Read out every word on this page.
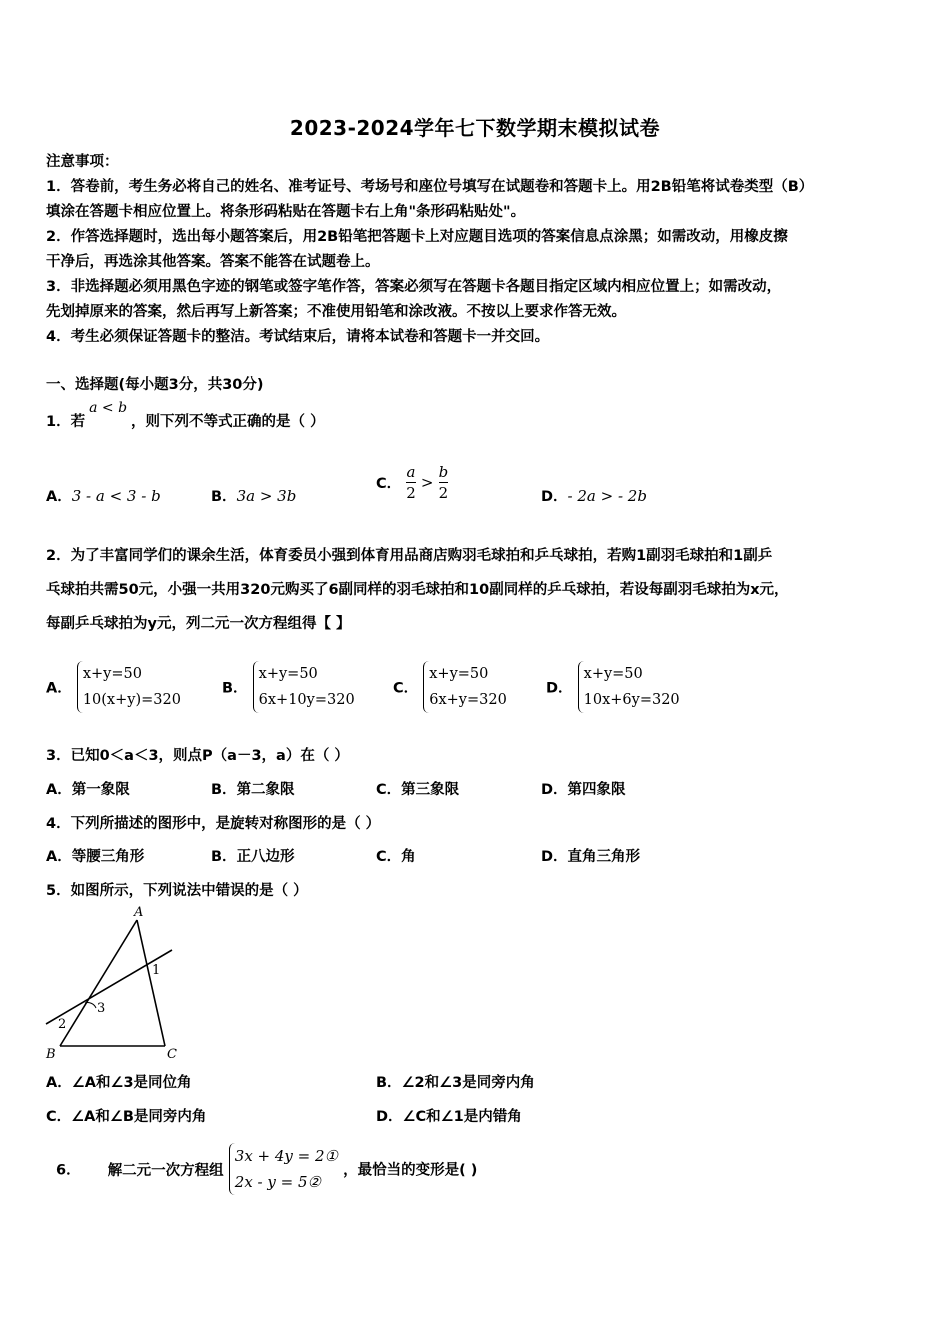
2023-2024学年七下数学期末模拟试卷
注意事项：
1．答卷前，考生务必将自己的姓名、准考证号、考场号和座位号填写在试题卷和答题卡上。用2B铅笔将试卷类型（B）
填涂在答题卡相应位置上。将条形码粘贴在答题卡右上角"条形码粘贴处"。
2．作答选择题时，选出每小题答案后，用2B铅笔把答题卡上对应题目选项的答案信息点涂黑；如需改动，用橡皮擦
干净后，再选涂其他答案。答案不能答在试题卷上。
3．非选择题必须用黑色字迹的钢笔或签字笔作答，答案必须写在答题卡各题目指定区域内相应位置上；如需改动，
先划掉原来的答案，然后再写上新答案；不准使用铅笔和涂改液。不按以上要求作答无效。
4．考生必须保证答题卡的整洁。考试结束后，请将本试卷和答题卡一并交回。
一、选择题(每小题3分，共30分)
1．若a < b，则下列不等式正确的是（ ）
A．3 - a < 3 - b	B．3a > 3b
C． $\frac{a}{2} > \frac{b}{2}$	D．- 2a > - 2b
2．为了丰富同学们的课余生活，体育委员小强到体育用品商店购羽毛球拍和乒乓球拍，若购1副羽毛球拍和1副乒
乓球拍共需50元，小强一共用320元购买了6副同样的羽毛球拍和10副同样的乒乓球拍，若设每副羽毛球拍为x元，
每副乒乓球拍为y元，列二元一次方程组得【 】
A．
x+y=50
10(x+y)=320
B．
x+y=50
6x+10y=320
C．
x+y=50
6x+y=320
D．
x+y=50
10x+6y=320
3．已知0＜a＜3，则点P（a－3，a）在（ ）
A．第一象限	B．第二象限	C．第三象限	D．第四象限
4．下列所描述的图形中，是旋转对称图形的是（ ）
A．等腰三角形	B．正八边形	C．角	D．直角三角形
5．如图所示，下列说法中错误的是（ ）
A
B	C
1
2
3
A．∠A和∠3是同位角	B．∠2和∠3是同旁内角
C．∠A和∠B是同旁内角	D．∠C和∠1是内错角
6． 解二元一次方程组
3x + 4y = 2①
2x - y = 5②
，最恰当的变形是( )
